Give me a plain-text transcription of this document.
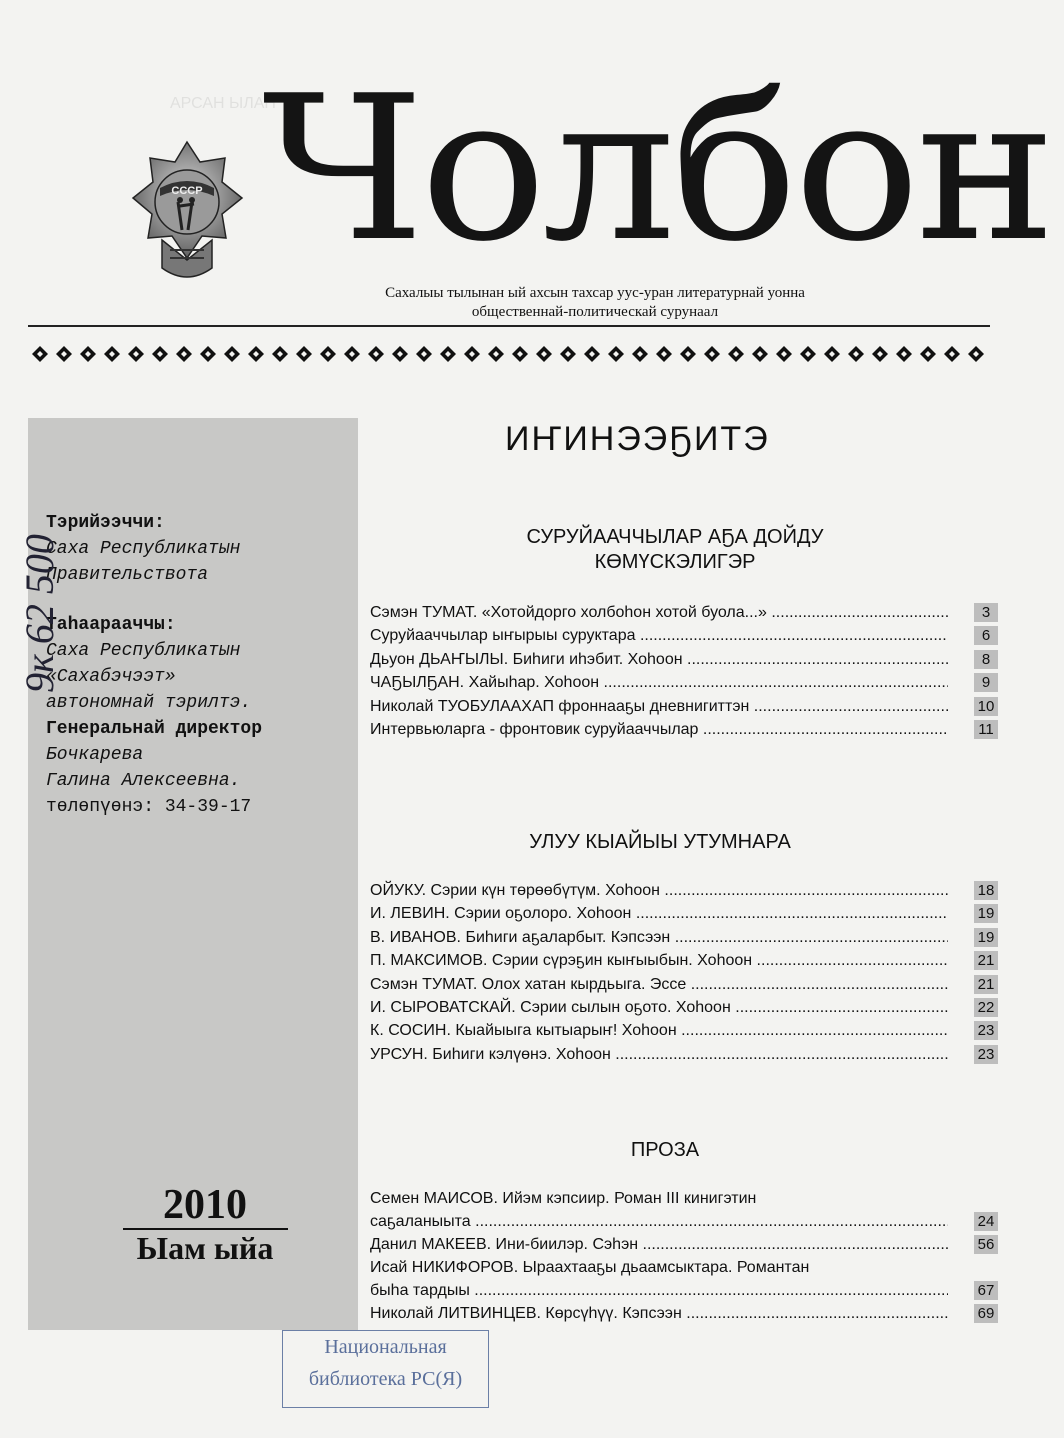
АРСАН ЫЛАН
СССР Чолбон
Сахалыы тылынан ый ахсын тахсар уус-уран литературнай уонна
общественнай-политическай сурунаал
Тэрийээччи:
Саха Республикатын
Правительствота
Таһаарааччы:
Саха Республикатын
«Сахабэчээт»
автономнай тэрилтэ.
Генеральнай директор
Бочкарева
Галина Алексеевна.
төлөпүөнэ: 34-39-17
2010
Ыам ыйа
ИҤИНЭЭҔИТЭ
СУРУЙААЧЧЫЛАР АҔА ДОЙДУ
КӨМҮСКЭЛИГЭР
Сэмэн ТУМАТ. «Хотойдорго холбоһон хотой буола...» .....	3
Суруйааччылар ыҥырыы суруктара .....	6
Дьуон ДЬАҤЫЛЫ. Биһиги иһэбит. Хоһоон .....	8
ЧАҔЫЛҔАН. Хайыһар. Хоһоон .....	9
Николай ТУОБУЛААХАП фроннааҕы дневнигиттэн .....	10
Интервьюларга - фронтовик суруйааччылар .....	11
УЛУУ КЫАЙЫЫ УТУМНАРА
ОЙУКУ. Сэрии күн төрөөбүтүм. Хоһоон .....	18
И. ЛЕВИН. Сэрии оҕолоро. Хоһоон .....	19
В. ИВАНОВ. Биһиги аҕаларбыт. Кэпсээн .....	19
П. МАКСИМОВ. Сэрии сүрэҕин кыҥыыбын. Хоһоон .....	21
Сэмэн ТУМАТ. Олох хатан кырдьыга. Эссе .....	21
И. СЫРОВАТСКАЙ. Сэрии сылын оҕото. Хоһоон .....	22
К. СОСИН. Кыайыыга кытыарыҥ! Хоһоон .....	23
УРСУН. Биһиги кэлүөнэ. Хоһоон .....	23
ПРОЗА
Семен МАИСОВ. Ийэм кэпсиир. Роман III кинигэтин
саҕаланыыта .....	24
Данил МАКЕЕВ. Ини-биилэр. Сэһэн .....	56
Исай НИКИФОРОВ. Ыраахтааҕы дьаамсыктара. Романтан
быһа тардыы .....	67
Николай ЛИТВИНЦЕВ. Көрсүһүү. Кэпсээн .....	69
Национальная
библиотека РС(Я)
9к 62 500
